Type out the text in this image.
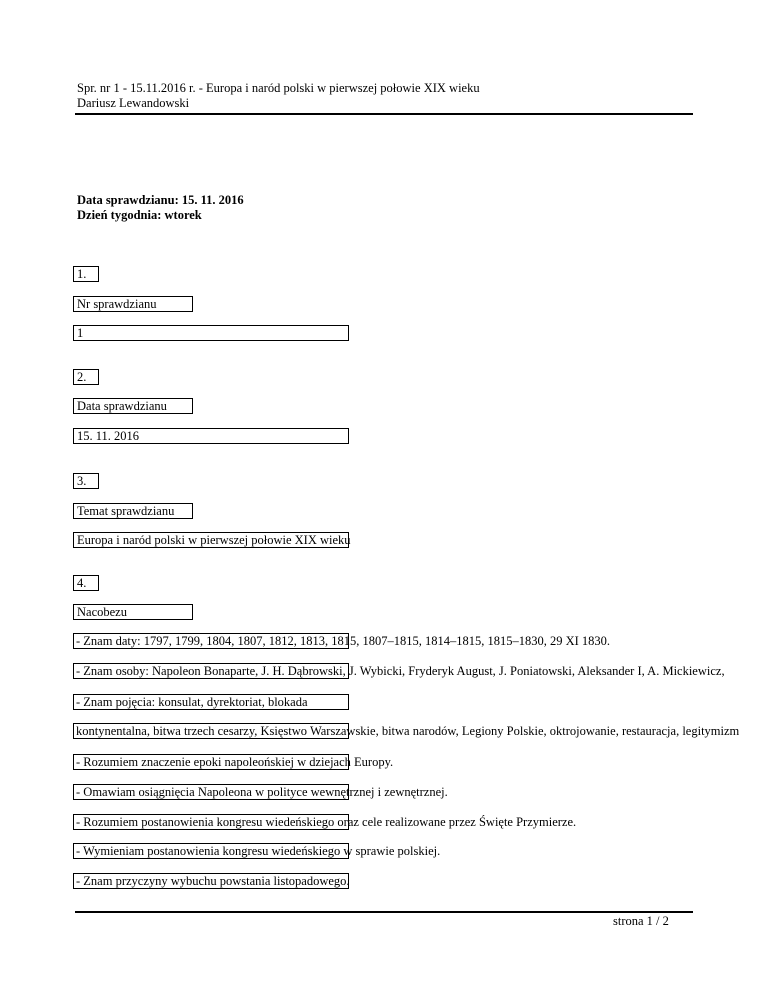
Spr. nr 1 - 15.11.2016 r. - Europa i naród polski w pierwszej połowie XIX wieku
Dariusz Lewandowski
Data sprawdzianu: 15. 11. 2016
Dzień tygodnia: wtorek
1.
Nr sprawdzianu
1
2.
Data sprawdzianu
15. 11. 2016
3.
Temat sprawdzianu
Europa i naród polski w pierwszej połowie XIX wieku
4.
Nacobezu
- Znam daty: 1797, 1799, 1804, 1807, 1812, 1813, 1815, 1807–1815, 1814–1815, 1815–1830, 29 XI 1830.
- Znam osoby: Napoleon Bonaparte, J. H. Dąbrowski, J. Wybicki, Fryderyk August, J. Poniatowski, Aleksander I, A. Mickiewicz,
- Znam pojęcia: konsulat, dyrektoriat, blokada
kontynentalna, bitwa trzech cesarzy, Księstwo Warszawskie, bitwa narodów, Legiony Polskie, oktrojowanie, restauracja, legitymizm
- Rozumiem znaczenie epoki napoleońskiej w dziejach Europy.
- Omawiam osiągnięcia Napoleona w polityce wewnętrznej i zewnętrznej.
- Rozumiem postanowienia kongresu wiedeńskiego oraz cele realizowane przez Święte Przymierze.
- Wymieniam postanowienia kongresu wiedeńskiego w sprawie polskiej.
- Znam przyczyny wybuchu powstania listopadowego.
strona 1 / 2
